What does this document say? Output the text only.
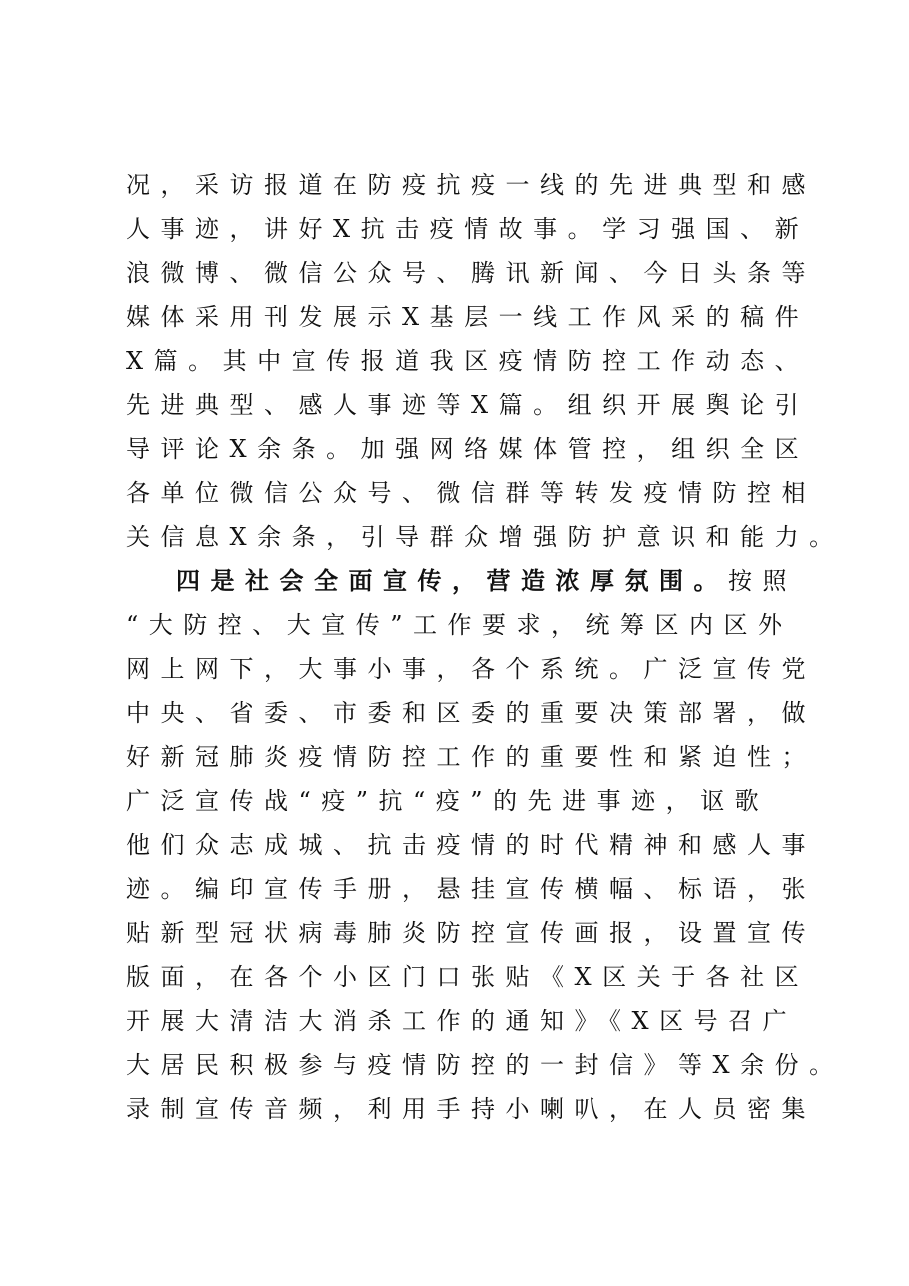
况，采访报道在防疫抗疫一线的先进典型和感
人事迹，讲好X抗击疫情故事。学习强国、新
浪微博、微信公众号、腾讯新闻、今日头条等
媒体采用刊发展示X基层一线工作风采的稿件
X篇。其中宣传报道我区疫情防控工作动态、
先进典型、感人事迹等X篇。组织开展舆论引
导评论X余条。加强网络媒体管控，组织全区
各单位微信公众号、微信群等转发疫情防控相
关信息X余条，引导群众增强防护意识和能力。
四是社会全面宣传，营造浓厚氛围。按照
“大防控、大宣传”工作要求，统筹区内区外
网上网下，大事小事，各个系统。广泛宣传党
中央、省委、市委和区委的重要决策部署，做
好新冠肺炎疫情防控工作的重要性和紧迫性；
广泛宣传战“疫”抗“疫”的先进事迹，讴歌
他们众志成城、抗击疫情的时代精神和感人事
迹。编印宣传手册，悬挂宣传横幅、标语，张
贴新型冠状病毒肺炎防控宣传画报，设置宣传
版面，在各个小区门口张贴《X区关于各社区
开展大清洁大消杀工作的通知》《X区号召广
大居民积极参与疫情防控的一封信》等X余份。
录制宣传音频，利用手持小喇叭，在人员密集
